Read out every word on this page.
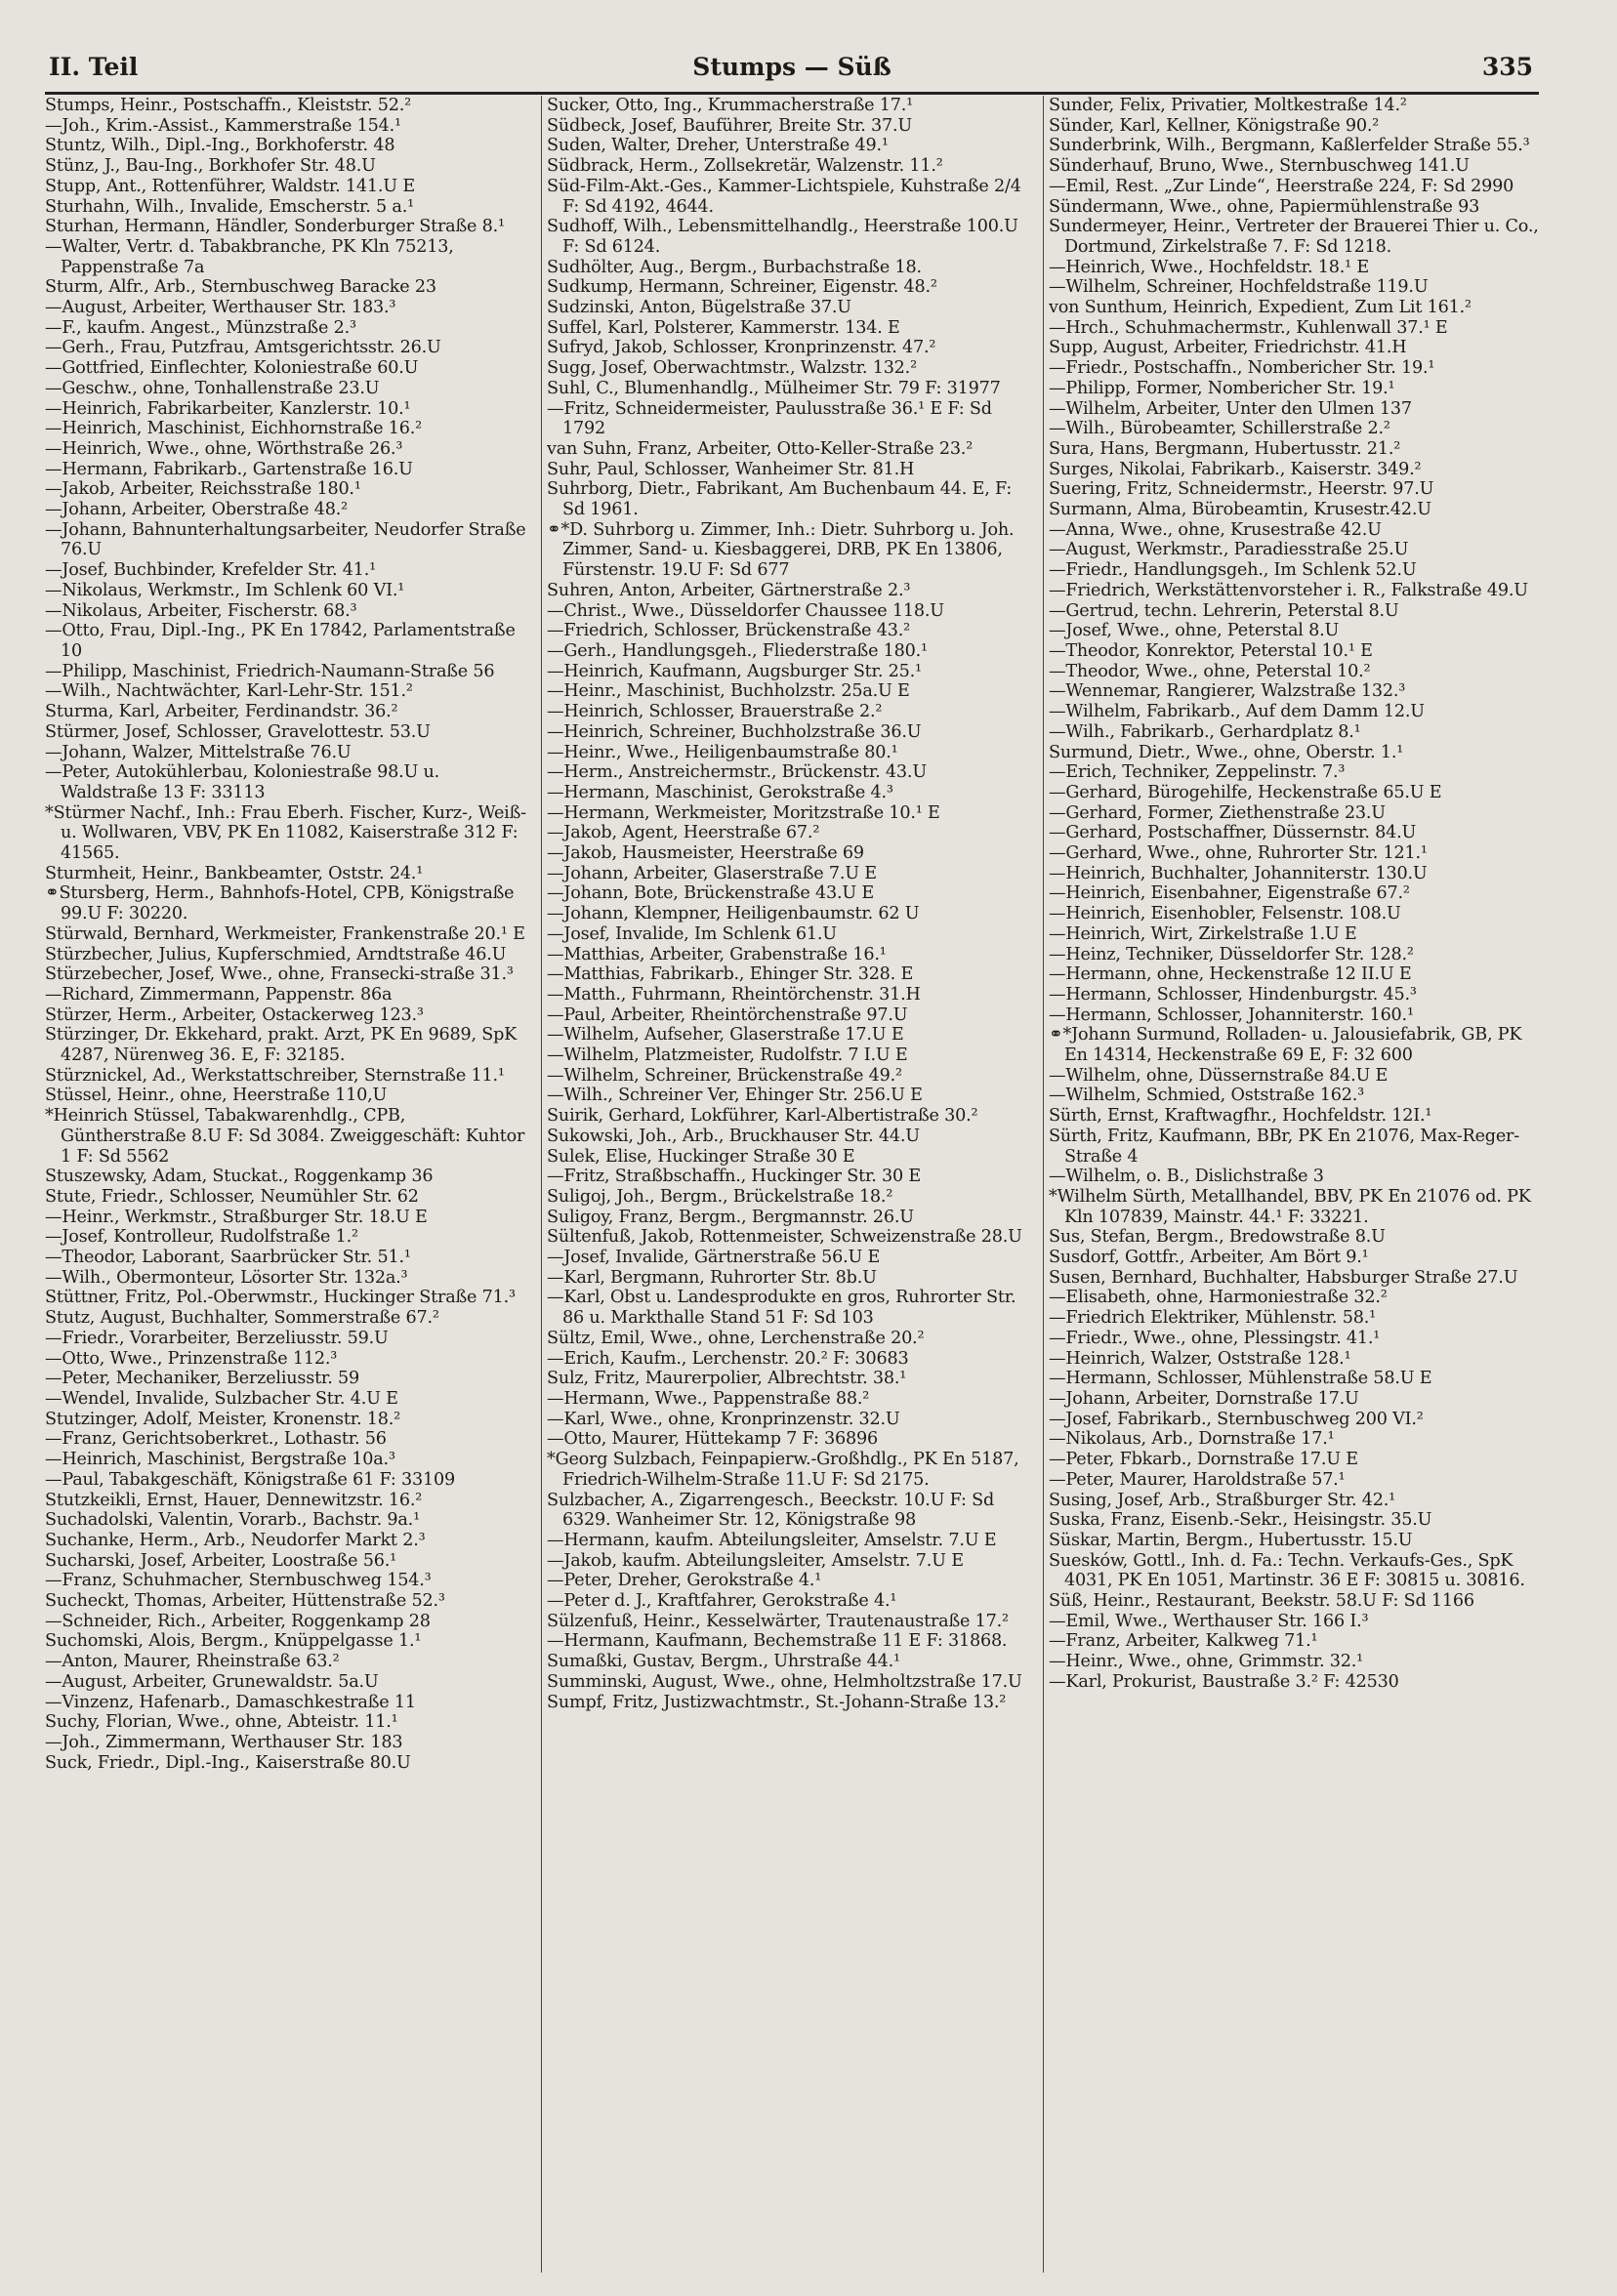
II. Teil	Stumps — Süß	335
Stumps, Heinr., Postschaffn., Kleiststr. 52.²
—Joh., Krim.-Assist., Kammerstraße 154.¹
Stuntz, Wilh., Dipl.-Ing., Borkhoferstr. 48
Stünz, J., Bau-Ing., Borkhofer Str. 48.U
Stupp, Ant., Rottenführer, Waldstr. 141.U E
Sturhahn, Wilh., Invalide, Emscherstr. 5 a.¹
Sturhan, Hermann, Händler, Sonderburger Straße 8.¹
—Walter, Vertr. d. Tabakbranche, PK Kln 75213, Pappenstraße 7a
Sturm, Alfr., Arb., Sternbuschweg Baracke 23
—August, Arbeiter, Werthauser Str. 183.³
—F., kaufm. Angest., Münzstraße 2.³
—Gerh., Frau, Putzfrau, Amtsgerichtsstr. 26.U
—Gottfried, Einflechter, Koloniestraße 60.U
—Geschw., ohne, Tonhallenstraße 23.U
—Heinrich, Fabrikarbeiter, Kanzlerstr. 10.¹
—Heinrich, Maschinist, Eichhornstraße 16.²
—Heinrich, Wwe., ohne, Wörthstraße 26.³
—Hermann, Fabrikarb., Gartenstraße 16.U
—Jakob, Arbeiter, Reichsstraße 180.¹
—Johann, Arbeiter, Oberstraße 48.²
—Johann, Bahnunterhaltungsarbeiter, Neudorfer Straße 76.U
—Josef, Buchbinder, Krefelder Str. 41.¹
—Nikolaus, Werkmstr., Im Schlenk 60 VI.¹
—Nikolaus, Arbeiter, Fischerstr. 68.³
—Otto, Frau, Dipl.-Ing., PK En 17842, Parlamentstraße 10
—Philipp, Maschinist, Friedrich-Naumann-Straße 56
—Wilh., Nachtwächter, Karl-Lehr-Str. 151.²
Sturma, Karl, Arbeiter, Ferdinandstr. 36.²
Stürmer, Josef, Schlosser, Gravelottestr. 53.U
—Johann, Walzer, Mittelstraße 76.U
—Peter, Autokühlerbau, Koloniestraße 98.U u. Waldstraße 13 F: 33113
*Stürmer Nachf., Inh.: Frau Eberh. Fischer, Kurz-, Weiß- u. Wollwaren, VBV, PK En 11082, Kaiserstraße 312 F: 41565.
Sturmheit, Heinr., Bankbeamter, Oststr. 24.¹
⚭Stursberg, Herm., Bahnhofs-Hotel, CPB, Königstraße 99.U F: 30220.
Stürwald, Bernhard, Werkmeister, Frankenstraße 20.¹ E
Stürzbecher, Julius, Kupferschmied, Arndtstraße 46.U
Stürzebecher, Josef, Wwe., ohne, Fransecki-straße 31.³
—Richard, Zimmermann, Pappenstr. 86a
Stürzer, Herm., Arbeiter, Ostackerweg 123.³
Stürzinger, Dr. Ekkehard, prakt. Arzt, PK En 9689, SpK 4287, Nürenweg 36. E, F: 32185.
Stürznickel, Ad., Werkstattschreiber, Sternstraße 11.¹
Stüssel, Heinr., ohne, Heerstraße 110,U
*Heinrich Stüssel, Tabakwarenhdlg., CPB, Güntherstraße 8.U F: Sd 3084. Zweiggeschäft: Kuhtor 1 F: Sd 5562
Stuszewsky, Adam, Stuckat., Roggenkamp 36
Stute, Friedr., Schlosser, Neumühler Str. 62
—Heinr., Werkmstr., Straßburger Str. 18.U E
—Josef, Kontrolleur, Rudolfstraße 1.²
—Theodor, Laborant, Saarbrücker Str. 51.¹
—Wilh., Obermonteur, Lösorter Str. 132a.³
Stüttner, Fritz, Pol.-Oberwmstr., Huckinger Straße 71.³
Stutz, August, Buchhalter, Sommerstraße 67.²
—Friedr., Vorarbeiter, Berzeliusstr. 59.U
—Otto, Wwe., Prinzenstraße 112.³
—Peter, Mechaniker, Berzeliusstr. 59
—Wendel, Invalide, Sulzbacher Str. 4.U E
Stutzinger, Adolf, Meister, Kronenstr. 18.²
—Franz, Gerichtsoberkret., Lothastr. 56
—Heinrich, Maschinist, Bergstraße 10a.³
—Paul, Tabakgeschäft, Königstraße 61 F: 33109
Stutzkeikli, Ernst, Hauer, Dennewitzstr. 16.²
Suchadolski, Valentin, Vorarb., Bachstr. 9a.¹
Suchanke, Herm., Arb., Neudorfer Markt 2.³
Sucharski, Josef, Arbeiter, Loostraße 56.¹
—Franz, Schuhmacher, Sternbuschweg 154.³
Sucheckt, Thomas, Arbeiter, Hüttenstraße 52.³
—Schneider, Rich., Arbeiter, Roggenkamp 28
Suchomski, Alois, Bergm., Knüppelgasse 1.¹
—Anton, Maurer, Rheinstraße 63.²
—August, Arbeiter, Grunewaldstr. 5a.U
—Vinzenz, Hafenarb., Damaschkestraße 11
Suchy, Florian, Wwe., ohne, Abteistr. 11.¹
—Joh., Zimmermann, Werthauser Str. 183
Suck, Friedr., Dipl.-Ing., Kaiserstraße 80.U
Sucker, Otto, Ing., Krummacherstraße 17.¹
Südbeck, Josef, Bauführer, Breite Str. 37.U
Suden, Walter, Dreher, Unterstraße 49.¹
Südbrack, Herm., Zollsekretär, Walzenstr. 11.²
Süd-Film-Akt.-Ges., Kammer-Lichtspiele, Kuhstraße 2/4 F: Sd 4192, 4644.
Sudhoff, Wilh., Lebensmittelhandlg., Heerstraße 100.U F: Sd 6124.
Sudhölter, Aug., Bergm., Burbachstraße 18.
Sudkump, Hermann, Schreiner, Eigenstr. 48.²
Sudzinski, Anton, Bügelstraße 37.U
Suffel, Karl, Polsterer, Kammerstr. 134. E
Sufryd, Jakob, Schlosser, Kronprinzenstr. 47.²
Sugg, Josef, Oberwachtmstr., Walzstr. 132.²
Suhl, C., Blumenhandlg., Mülheimer Str. 79 F: 31977
—Fritz, Schneidermeister, Paulusstraße 36.¹ E F: Sd 1792
van Suhn, Franz, Arbeiter, Otto-Keller-Straße 23.²
Suhr, Paul, Schlosser, Wanheimer Str. 81.H
Suhrborg, Dietr., Fabrikant, Am Buchenbaum 44. E, F: Sd 1961.
⚭*D. Suhrborg u. Zimmer, Inh.: Dietr. Suhrborg u. Joh. Zimmer, Sand- u. Kiesbaggerei, DRB, PK En 13806, Fürstenstr. 19.U F: Sd 677
Suhren, Anton, Arbeiter, Gärtnerstraße 2.³
—Christ., Wwe., Düsseldorfer Chaussee 118.U
—Friedrich, Schlosser, Brückenstraße 43.²
—Gerh., Handlungsgeh., Fliederstraße 180.¹
—Heinrich, Kaufmann, Augsburger Str. 25.¹
—Heinr., Maschinist, Buchholzstr. 25a.U E
—Heinrich, Schlosser, Brauerstraße 2.²
—Heinrich, Schreiner, Buchholzstraße 36.U
—Heinr., Wwe., Heiligenbaumstraße 80.¹
—Herm., Anstreichermstr., Brückenstr. 43.U
—Hermann, Maschinist, Gerokstraße 4.³
—Hermann, Werkmeister, Moritzstraße 10.¹ E
—Jakob, Agent, Heerstraße 67.²
—Jakob, Hausmeister, Heerstraße 69
—Johann, Arbeiter, Glaserstraße 7.U E
—Johann, Bote, Brückenstraße 43.U E
—Johann, Klempner, Heiligenbaumstr. 62 U
—Josef, Invalide, Im Schlenk 61.U
—Matthias, Arbeiter, Grabenstraße 16.¹
—Matthias, Fabrikarb., Ehinger Str. 328. E
—Matth., Fuhrmann, Rheintörchenstr. 31.H
—Paul, Arbeiter, Rheintörchenstraße 97.U
—Wilhelm, Aufseher, Glaserstraße 17.U E
—Wilhelm, Platzmeister, Rudolfstr. 7 I.U E
—Wilhelm, Schreiner, Brückenstraße 49.²
—Wilh., Schreiner Ver, Ehinger Str. 256.U E
Suirik, Gerhard, Lokführer, Karl-Albertistraße 30.²
Sukowski, Joh., Arb., Bruckhauser Str. 44.U
Sulek, Elise, Huckinger Straße 30 E
—Fritz, Straßbschaffn., Huckinger Str. 30 E
Suligoj, Joh., Bergm., Brückelstraße 18.²
Suligoy, Franz, Bergm., Bergmannstr. 26.U
Sültenfuß, Jakob, Rottenmeister, Schweizenstraße 28.U
—Josef, Invalide, Gärtnerstraße 56.U E
—Karl, Bergmann, Ruhrorter Str. 8b.U
—Karl, Obst u. Landesprodukte en gros, Ruhrorter Str. 86 u. Markthalle Stand 51 F: Sd 103
Sültz, Emil, Wwe., ohne, Lerchenstraße 20.²
—Erich, Kaufm., Lerchenstr. 20.² F: 30683
Sulz, Fritz, Maurerpolier, Albrechtstr. 38.¹
—Hermann, Wwe., Pappenstraße 88.²
—Karl, Wwe., ohne, Kronprinzenstr. 32.U
—Otto, Maurer, Hüttekamp 7 F: 36896
*Georg Sulzbach, Feinpapierw.-Großhdlg., PK En 5187, Friedrich-Wilhelm-Straße 11.U F: Sd 2175.
Sulzbacher, A., Zigarrengesch., Beeckstr. 10.U F: Sd 6329. Wanheimer Str. 12, Königstraße 98
—Hermann, kaufm. Abteilungsleiter, Amselstr. 7.U E
—Jakob, kaufm. Abteilungsleiter, Amselstr. 7.U E
—Peter, Dreher, Gerokstraße 4.¹
—Peter d. J., Kraftfahrer, Gerokstraße 4.¹
Sülzenfuß, Heinr., Kesselwärter, Trautenaustraße 17.²
—Hermann, Kaufmann, Bechemstraße 11 E F: 31868.
Sumaßki, Gustav, Bergm., Uhrstraße 44.¹
Summinski, August, Wwe., ohne, Helmholtzstraße 17.U
Sumpf, Fritz, Justizwachtmstr., St.-Johann-Straße 13.²
Sunder, Felix, Privatier, Moltkestraße 14.²
Sünder, Karl, Kellner, Königstraße 90.²
Sunderbrink, Wilh., Bergmann, Kaßlerfelder Straße 55.³
Sünderhauf, Bruno, Wwe., Sternbuschweg 141.U
—Emil, Rest. „Zur Linde“, Heerstraße 224, F: Sd 2990
Sündermann, Wwe., ohne, Papiermühlenstraße 93
Sundermeyer, Heinr., Vertreter der Brauerei Thier u. Co., Dortmund, Zirkelstraße 7. F: Sd 1218.
—Heinrich, Wwe., Hochfeldstr. 18.¹ E
—Wilhelm, Schreiner, Hochfeldstraße 119.U
von Sunthum, Heinrich, Expedient, Zum Lit 161.²
—Hrch., Schuhmachermstr., Kuhlenwall 37.¹ E
Supp, August, Arbeiter, Friedrichstr. 41.H
—Friedr., Postschaffn., Nombericher Str. 19.¹
—Philipp, Former, Nombericher Str. 19.¹
—Wilhelm, Arbeiter, Unter den Ulmen 137
—Wilh., Bürobeamter, Schillerstraße 2.²
Sura, Hans, Bergmann, Hubertusstr. 21.²
Surges, Nikolai, Fabrikarb., Kaiserstr. 349.²
Suering, Fritz, Schneidermstr., Heerstr. 97.U
Surmann, Alma, Bürobeamtin, Krusestr.42.U
—Anna, Wwe., ohne, Krusestraße 42.U
—August, Werkmstr., Paradiesstraße 25.U
—Friedr., Handlungsgeh., Im Schlenk 52.U
—Friedrich, Werkstättenvorsteher i. R., Falkstraße 49.U
—Gertrud, techn. Lehrerin, Peterstal 8.U
—Josef, Wwe., ohne, Peterstal 8.U
—Theodor, Konrektor, Peterstal 10.¹ E
—Theodor, Wwe., ohne, Peterstal 10.²
—Wennemar, Rangierer, Walzstraße 132.³
—Wilhelm, Fabrikarb., Auf dem Damm 12.U
—Wilh., Fabrikarb., Gerhardplatz 8.¹
Surmund, Dietr., Wwe., ohne, Oberstr. 1.¹
—Erich, Techniker, Zeppelinstr. 7.³
—Gerhard, Bürogehilfe, Heckenstraße 65.U E
—Gerhard, Former, Ziethenstraße 23.U
—Gerhard, Postschaffner, Düssernstr. 84.U
—Gerhard, Wwe., ohne, Ruhrorter Str. 121.¹
—Heinrich, Buchhalter, Johanniterstr. 130.U
—Heinrich, Eisenbahner, Eigenstraße 67.²
—Heinrich, Eisenhobler, Felsenstr. 108.U
—Heinrich, Wirt, Zirkelstraße 1.U E
—Heinz, Techniker, Düsseldorfer Str. 128.²
—Hermann, ohne, Heckenstraße 12 II.U E
—Hermann, Schlosser, Hindenburgstr. 45.³
—Hermann, Schlosser, Johanniterstr. 160.¹
⚭*Johann Surmund, Rolladen- u. Jalousiefabrik, GB, PK En 14314, Heckenstraße 69 E, F: 32 600
—Wilhelm, ohne, Düssernstraße 84.U E
—Wilhelm, Schmied, Oststraße 162.³
Sürth, Ernst, Kraftwagfhr., Hochfeldstr. 12I.¹
Sürth, Fritz, Kaufmann, BBr, PK En 21076, Max-Reger-Straße 4
—Wilhelm, o. B., Dislichstraße 3
*Wilhelm Sürth, Metallhandel, BBV, PK En 21076 od. PK Kln 107839, Mainstr. 44.¹ F: 33221.
Sus, Stefan, Bergm., Bredowstraße 8.U
Susdorf, Gottfr., Arbeiter, Am Bört 9.¹
Susen, Bernhard, Buchhalter, Habsburger Straße 27.U
—Elisabeth, ohne, Harmoniestraße 32.²
—Friedrich Elektriker, Mühlenstr. 58.¹
—Friedr., Wwe., ohne, Plessingstr. 41.¹
—Heinrich, Walzer, Oststraße 128.¹
—Hermann, Schlosser, Mühlenstraße 58.U E
—Johann, Arbeiter, Dornstraße 17.U
—Josef, Fabrikarb., Sternbuschweg 200 VI.²
—Nikolaus, Arb., Dornstraße 17.¹
—Peter, Fbkarb., Dornstraße 17.U E
—Peter, Maurer, Haroldstraße 57.¹
Susing, Josef, Arb., Straßburger Str. 42.¹
Suska, Franz, Eisenb.-Sekr., Heisingstr. 35.U
Süskar, Martin, Bergm., Hubertusstr. 15.U
Suesków, Gottl., Inh. d. Fa.: Techn. Verkaufs-Ges., SpK 4031, PK En 1051, Martinstr. 36 E F: 30815 u. 30816.
Süß, Heinr., Restaurant, Beekstr. 58.U F: Sd 1166
—Emil, Wwe., Werthauser Str. 166 I.³
—Franz, Arbeiter, Kalkweg 71.¹
—Heinr., Wwe., ohne, Grimmstr. 32.¹
—Karl, Prokurist, Baustraße 3.² F: 42530
